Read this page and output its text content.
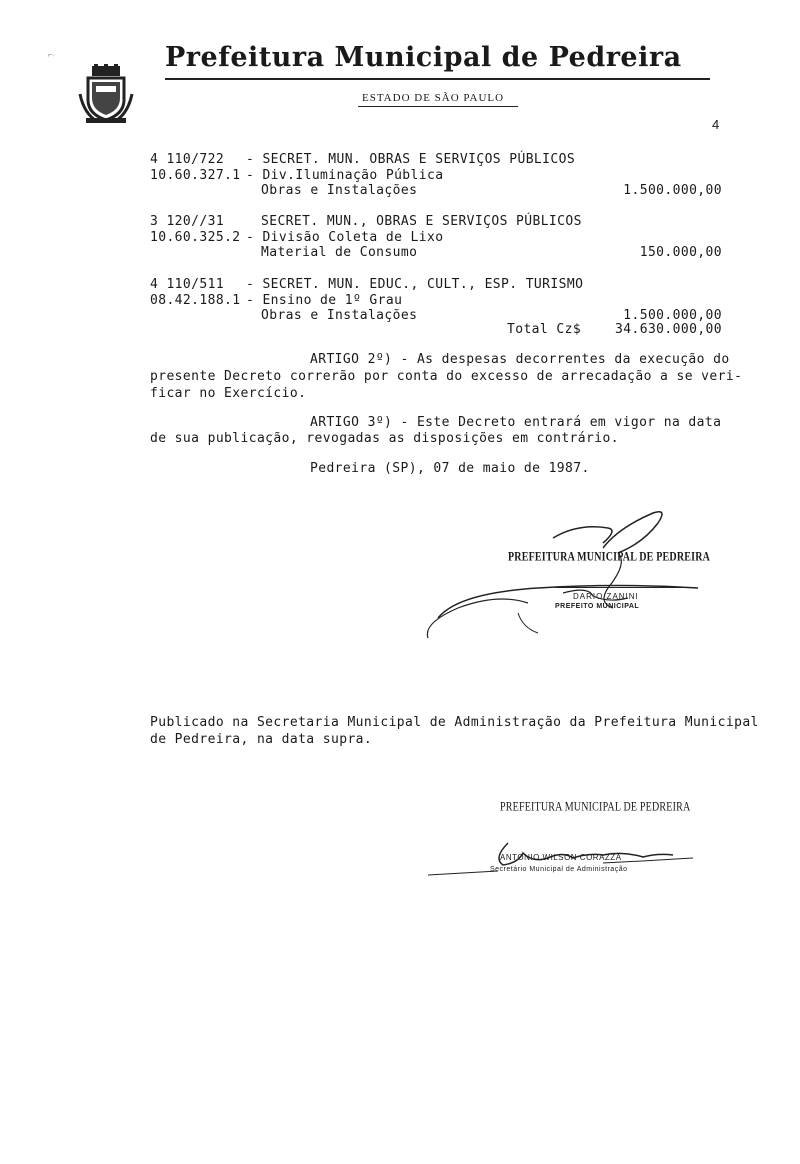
⌐·	Prefeitura Municipal de Pedreira
ESTADO DE SÃO PAULO
4
4 110/722 - SECRET. MUN. OBRAS E SERVIÇOS PÚBLICOS
10.60.327.1 - Div.Iluminação Pública
Obras e Instalações	1.500.000,00
3 120//31	SECRET. MUN., OBRAS E SERVIÇOS PÚBLICOS
10.60.325.2 - Divisão Coleta de Lixo
Material de Consumo	150.000,00
4 110/511 - SECRET. MUN. EDUC., CULT., ESP. TURISMO
08.42.188.1 - Ensino de 1º Grau
Obras e Instalações	1.500.000,00
Total Cz$	34.630.000,00
ARTIGO 2º) - As despesas decorrentes da execução do
presente Decreto correrão por conta do excesso de arrecadação a se veri-
ficar no Exercício.
ARTIGO 3º) - Este Decreto entrará em vigor na data
de sua publicação, revogadas as disposições em contrário.
Pedreira (SP), 07 de maio de 1987.

PREFEITURA MUNICIPAL DE PEDREIRA
DARIO ZANINI
PREFEITO MUNICIPAL
Publicado na Secretaria Municipal de Administração da Prefeitura Municipal
de Pedreira, na data supra.
PREFEITURA MUNICIPAL DE PEDREIRA

ANTONIO WILSON CORAZZA
Secretário Municipal de Administração
